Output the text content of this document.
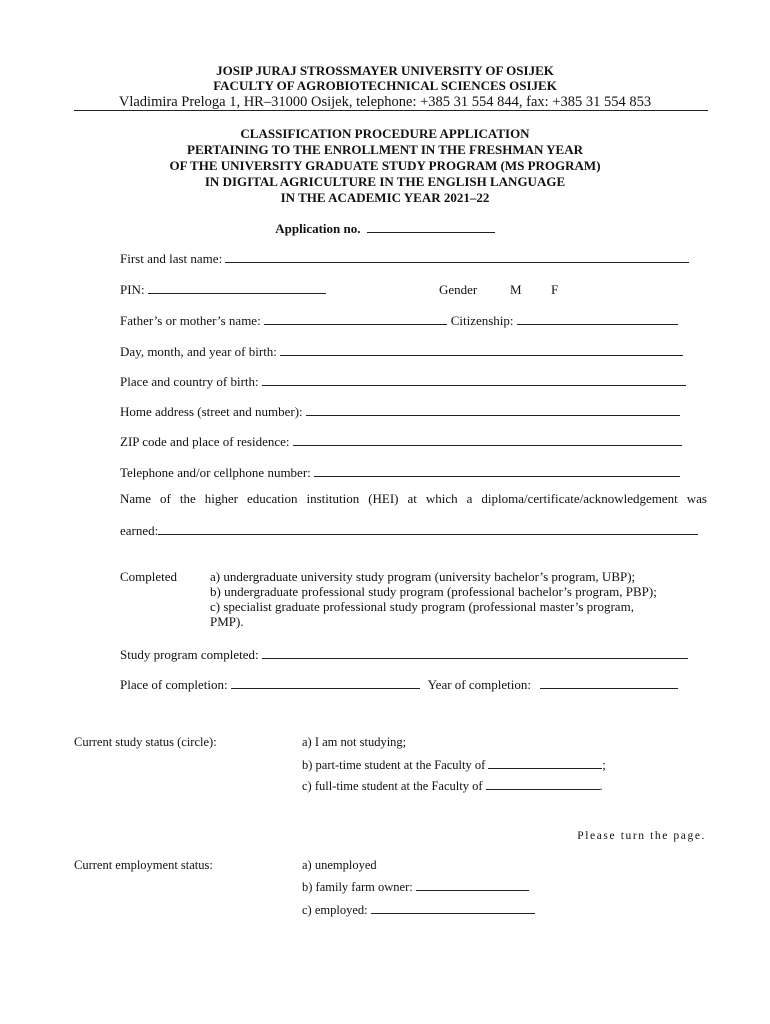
JOSIP JURAJ STROSSMAYER UNIVERSITY OF OSIJEK
FACULTY OF AGROBIOTECHNICAL SCIENCES OSIJEK
Vladimira Preloga 1, HR–31000 Osijek, telephone: +385 31 554 844, fax: +385 31 554 853
CLASSIFICATION PROCEDURE APPLICATION
PERTAINING TO THE ENROLLMENT IN THE FRESHMAN YEAR
OF THE UNIVERSITY GRADUATE STUDY PROGRAM (MS PROGRAM)
IN DIGITAL AGRICULTURE IN THE ENGLISH LANGUAGE
IN THE ACADEMIC YEAR 2021–22
Application no.
First and last name:
PIN:	Gender	M F
Father’s or mother’s name:	Citizenship:
Day, month, and year of birth:
Place and country of birth:
Home address (street and number):
ZIP code and place of residence:
Telephone and/or cellphone number:
Name of the higher education institution (HEI) at which a diploma/certificate/acknowledgement was
earned:
Completed	a) undergraduate university study program (university bachelor’s program, UBP);
b) undergraduate professional study program (professional bachelor’s program, PBP);
c) specialist graduate professional study program (professional master’s program,
PMP).
Study program completed:
Place of completion:	Year of completion:
Current study status (circle):	a) I am not studying;
b) part-time student at the Faculty of	;
c) full-time student at the Faculty of	.
Please turn the page.
Current employment status:	a) unemployed
b) family farm owner:
c) employed:
